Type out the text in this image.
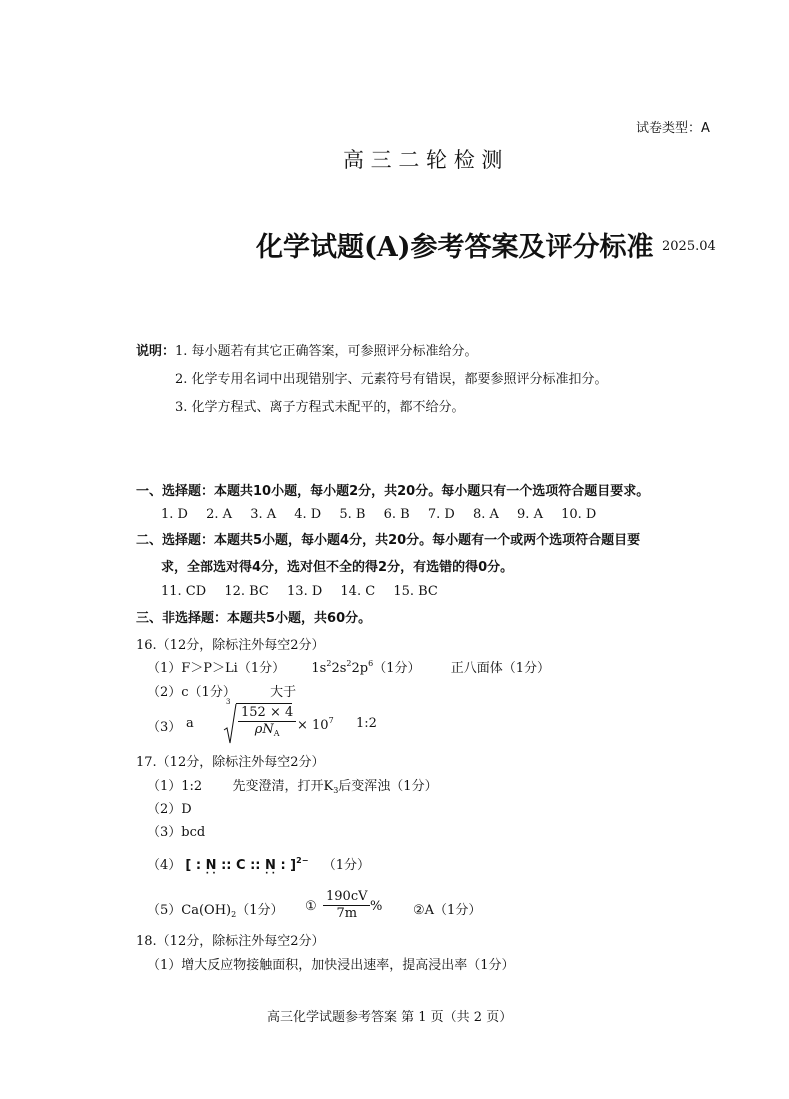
试卷类型：A
高 三 二 轮 检 测
化学试题(A)参考答案及评分标准 2025.04
说明：1. 每小题若有其它正确答案，可参照评分标准给分。
2. 化学专用名词中出现错别字、元素符号有错误，都要参照评分标准扣分。
3. 化学方程式、离子方程式未配平的，都不给分。
一、选择题：本题共10小题，每小题2分，共20分。每小题只有一个选项符合题目要求。
1. D 2. A 3. A 4. D 5. B 6. B 7. D 8. A 9. A 10. D
二、选择题：本题共5小题，每小题4分，共20分。每小题有一个或两个选项符合题目要
求，全部选对得4分，选对但不全的得2分，有选错的得0分。
11. CD 12. BC 13. D 14. C 15. BC
三、非选择题：本题共5小题，共60分。
16.（12分，除标注外每空2分）
（1）F＞P＞Li（1分） $1s^22s^22p^6(1$分） 正八面体（1分）
（2）c（1分）	大于
（3） a
3
152 × 4
$\rho N_A$
× $10^7$ 1:2
17.（12分，除标注外每空2分）
（1）1:2 先变澄清，打开$K_3$后变浑浊（1分）
（2）D
（3）bcd
（4） [ : N · · :: C :: N · · : ]$^{2-}$ （1分）
$(5)Ca(OH)_2(1$分） ① $\frac{190cV}{7m}$ % ②A（1分）
18.（12分，除标注外每空2分）
（1）增大反应物接触面积，加快浸出速率，提高浸出率（1分）
高三化学试题参考答案 第 1 页（共 2 页）
